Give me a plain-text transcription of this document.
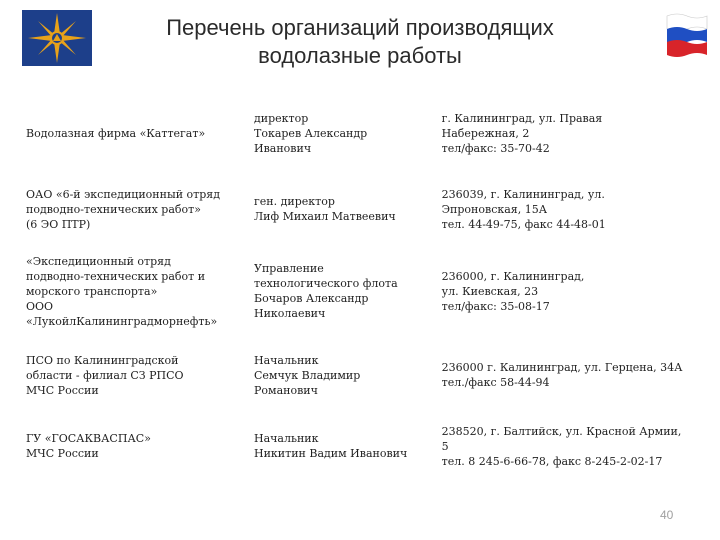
Перечень организаций производящих
водолазные работы
Водолазная фирма «Каттегат»	директор
Токарев Александр
Иванович	г. Калининград, ул. Правая
Набережная, 2
тел/факс: 35-70-42

ОАО «6-й экспедиционный отряд
подводно-технических работ»
(6 ЭО ПТР)	ген. директор
Лиф Михаил Матвеевич	236039, г. Калининград, ул.
Эпроновская, 15А
тел. 44-49-75, факс 44-48-01

«Экспедиционный отряд
подводно-технических работ и
морского транспорта»
ООО
«ЛукойлКалининградморнефть»	Управление
технологического флота
Бочаров Александр
Николаевич	236000, г. Калининград,
ул. Киевская, 23
тел/факс: 35-08-17

ПСО по Калининградской
области - филиал СЗ РПСО
МЧС России	Начальник
Семчук Владимир
Романович	236000 г. Калининград, ул. Герцена, 34А
тел./факс 58-44-94

ГУ «ГОСАКВАСПАС»
МЧС России	Начальник
Никитин Вадим Иванович	238520, г. Балтийск, ул. Красной Армии,
5
тел. 8 245-6-66-78, факс 8-245-2-02-17
40
